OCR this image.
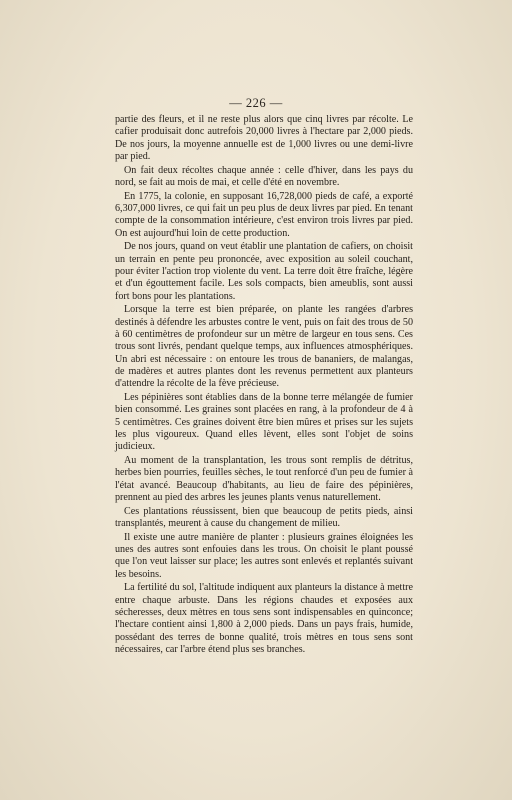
— 226 —

partie des fleurs, et il ne reste plus alors que cinq livres par récolte. Le cafier produisait donc autrefois 20,000 livres à l'hectare par 2,000 pieds. De nos jours, la moyenne annuelle est de 1,000 livres ou une demi-livre par pied.

On fait deux récoltes chaque année : celle d'hiver, dans les pays du nord, se fait au mois de mai, et celle d'été en novembre.

En 1775, la colonie, en supposant 16,728,000 pieds de café, a exporté 6,307,000 livres, ce qui fait un peu plus de deux livres par pied. En tenant compte de la consommation intérieure, c'est environ trois livres par pied. On est aujourd'hui loin de cette production.

De nos jours, quand on veut établir une plantation de cafiers, on choisit un terrain en pente peu prononcée, avec exposition au soleil couchant, pour éviter l'action trop violente du vent. La terre doit être fraîche, légère et d'un égouttement facile. Les sols compacts, bien ameublis, sont aussi fort bons pour les plantations.

Lorsque la terre est bien préparée, on plante les rangées d'arbres destinés à défendre les arbustes contre le vent, puis on fait des trous de 50 à 60 centimètres de profondeur sur un mètre de largeur en tous sens. Ces trous sont livrés, pendant quelque temps, aux influences atmosphériques. Un abri est nécessaire : on entoure les trous de bananiers, de malangas, de madères et autres plantes dont les revenus permettent aux planteurs d'attendre la récolte de la fève précieuse.

Les pépinières sont établies dans de la bonne terre mélangée de fumier bien consommé. Les graines sont placées en rang, à la profondeur de 4 à 5 centimètres. Ces graines doivent être bien mûres et prises sur les sujets les plus vigoureux. Quand elles lèvent, elles sont l'objet de soins judicieux.

Au moment de la transplantation, les trous sont remplis de détritus, herbes bien pourries, feuilles sèches, le tout renforcé d'un peu de fumier à l'état avancé. Beaucoup d'habitants, au lieu de faire des pépinières, prennent au pied des arbres les jeunes plants venus naturellement.

Ces plantations réussissent, bien que beaucoup de petits pieds, ainsi transplantés, meurent à cause du changement de milieu.

Il existe une autre manière de planter : plusieurs graines éloignées les unes des autres sont enfouies dans les trous. On choisit le plant poussé que l'on veut laisser sur place; les autres sont enlevés et replantés suivant les besoins.

La fertilité du sol, l'altitude indiquent aux planteurs la distance à mettre entre chaque arbuste. Dans les régions chaudes et exposées aux sécheresses, deux mètres en tous sens sont indispensables en quinconce; l'hectare contient ainsi 1,800 à 2,000 pieds. Dans un pays frais, humide, possédant des terres de bonne qualité, trois mètres en tous sens sont nécessaires, car l'arbre étend plus ses branches.
